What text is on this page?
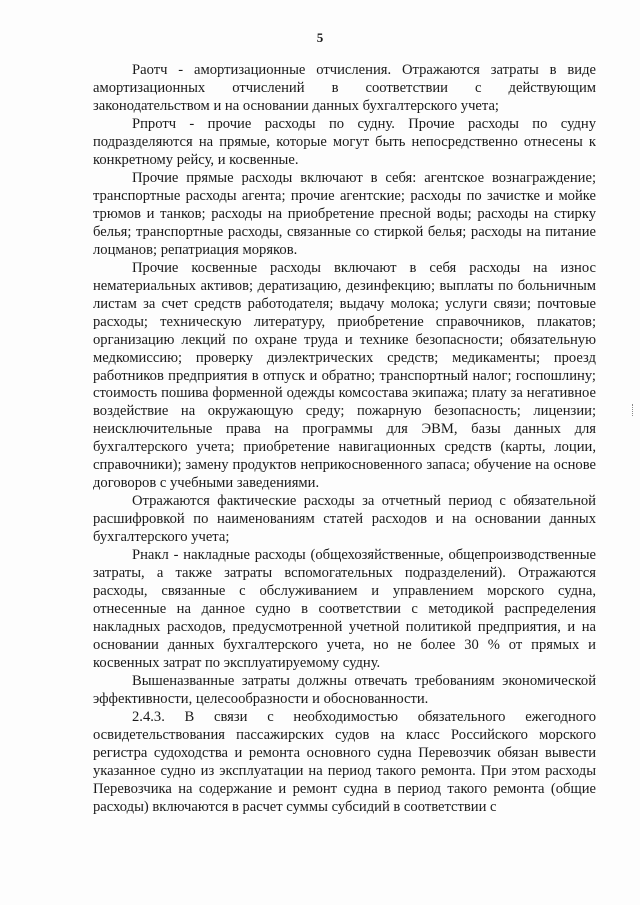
5

Раотч - амортизационные отчисления. Отражаются затраты в виде амортизационных отчислений в соответствии с действующим законодательством и на основании данных бухгалтерского учета;

Рпротч - прочие расходы по судну. Прочие расходы по судну подразделяются на прямые, которые могут быть непосредственно отнесены к конкретному рейсу, и косвенные.

Прочие прямые расходы включают в себя: агентское вознаграждение; транспортные расходы агента; прочие агентские; расходы по зачистке и мойке трюмов и танков; расходы на приобретение пресной воды; расходы на стирку белья; транспортные расходы, связанные со стиркой белья; расходы на питание лоцманов; репатриация моряков.

Прочие косвенные расходы включают в себя расходы на износ нематериальных активов; дератизацию, дезинфекцию; выплаты по больничным листам за счет средств работодателя; выдачу молока; услуги связи; почтовые расходы; техническую литературу, приобретение справочников, плакатов; организацию лекций по охране труда и технике безопасности; обязательную медкомиссию; проверку диэлектрических средств; медикаменты; проезд работников предприятия в отпуск и обратно; транспортный налог; госпошлину; стоимость пошива форменной одежды комсостава экипажа; плату за негативное воздействие на окружающую среду; пожарную безопасность; лицензии; неисключительные права на программы для ЭВМ, базы данных для бухгалтерского учета; приобретение навигационных средств (карты, лоции, справочники); замену продуктов неприкосновенного запаса; обучение на основе договоров с учебными заведениями.

Отражаются фактические расходы за отчетный период с обязательной расшифровкой по наименованиям статей расходов и на основании данных бухгалтерского учета;

Рнакл - накладные расходы (общехозяйственные, общепроизводственные затраты, а также затраты вспомогательных подразделений). Отражаются расходы, связанные с обслуживанием и управлением морского судна, отнесенные на данное судно в соответствии с методикой распределения накладных расходов, предусмотренной учетной политикой предприятия, и на основании данных бухгалтерского учета, но не более 30 % от прямых и косвенных затрат по эксплуатируемому судну.

Вышеназванные затраты должны отвечать требованиям экономической эффективности, целесообразности и обоснованности.

2.4.3. В связи с необходимостью обязательного ежегодного освидетельствования пассажирских судов на класс Российского морского регистра судоходства и ремонта основного судна Перевозчик обязан вывести указанное судно из эксплуатации на период такого ремонта. При этом расходы Перевозчика на содержание и ремонт судна в период такого ремонта (общие расходы) включаются в расчет суммы субсидий в соответствии с
